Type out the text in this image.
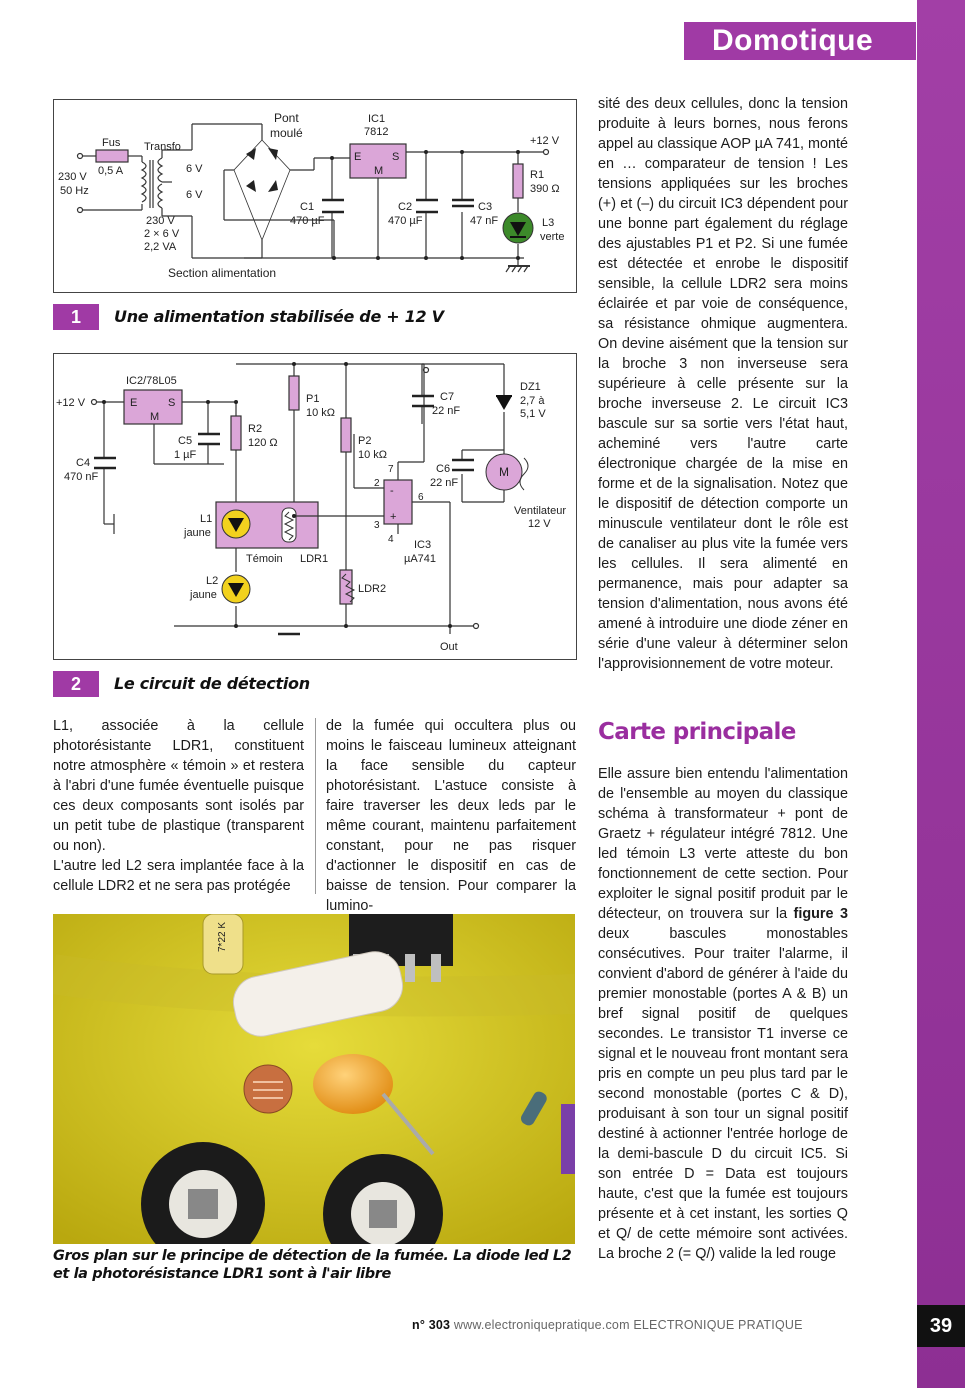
Domotique
Pont
moulé
IC1
7812
Fus
0,5 A
Transfo
230 V
50 Hz
6 V
6 V
230 V
2 × 6 V
2,2 VA
C1
470 µF
C2
470 µF
C3
47 nF
R1
390 Ω
L3
verte
+12 V
E	S
M
Section alimentation
1	Une alimentation stabilisée de + 12 V
M
+12 V
IC2/78L05
E	S
M
C4
470 nF
C5
1 µF
R2
120 Ω
P1
10 kΩ
P2
10 kΩ
C7
22 nF
C6
22 nF
DZ1
2,7 à
5,1 V
Ventilateur
12 V
L1
jaune
L2
jaune
Témoin LDR1
LDR2
IC3
µA741
7
2
6
3
4
-
+
Out
2	Le circuit de détection
sité des deux cellules, donc la tension produite à leurs bornes, nous ferons appel au classique AOP µA 741, monté en … comparateur de tension ! Les tensions appliquées sur les broches (+) et (–) du circuit IC3 dépendent pour une bonne part également du réglage des ajustables P1 et P2. Si une fumée est détectée et enrobe le dispositif sensible, la cellule LDR2 sera moins éclairée et par voie de conséquence, sa résistance ohmique augmentera. On devine aisément que la tension sur la broche 3 non inverseuse sera supérieure à celle présente sur la broche inverseuse 2. Le circuit IC3 bascule sur sa sortie vers l'état haut, acheminé vers l'autre carte électronique chargée de la mise en forme et de la signalisation. Notez que le dispositif de détection comporte un minuscule ventilateur dont le rôle est de canaliser au plus vite la fumée vers les cellules. Il sera alimenté en permanence, mais pour adapter sa tension d'alimentation, nous avons été amené à introduire une diode zéner en série d'une valeur à déterminer selon l'approvisionnement de votre moteur.
Carte principale
Elle assure bien entendu l'alimentation de l'ensemble au moyen du classique schéma à transformateur + pont de Graetz + régulateur intégré 7812. Une led témoin L3 verte atteste du bon fonctionnement de cette section. Pour exploiter le signal positif produit par le détecteur, on trouvera sur la figure 3 deux bascules monostables consécutives. Pour traiter l'alarme, il convient d'abord de générer à l'aide du premier monostable (portes A & B) un bref signal positif de quelques secondes. Le transistor T1 inverse ce signal et le nouveau front montant sera pris en compte un peu plus tard par le second monostable (portes C & D), produisant à son tour un signal positif destiné à actionner l'entrée horloge de la demi-bascule D du circuit IC5. Si son entrée D = Data est toujours haute, c'est que la fumée est toujours présente et à cet instant, les sorties Q et Q/ de cette mémoire sont activées. La broche 2 (= Q/) valide la led rouge
L1, associée à la cellule photorésistante LDR1, constituent notre atmosphère « témoin » et restera à l'abri d'une fumée éventuelle puisque ces deux composants sont isolés par un petit tube de plastique (transparent ou non).
L'autre led L2 sera implantée face à la cellule LDR2 et ne sera pas protégée
de la fumée qui occultera plus ou moins le faisceau lumineux atteignant la face sensible du capteur photorésistant. L'astuce consiste à faire traverser les deux leds par le même courant, maintenu parfaitement constant, pour ne pas risquer d'actionner le dispositif en cas de baisse de tension. Pour comparer la lumino-
7*22 K
Gros plan sur le principe de détection de la fumée. La diode led L2 et la photorésistance LDR1 sont à l'air libre
n° 303 www.electroniquepratique.com ELECTRONIQUE PRATIQUE	39
